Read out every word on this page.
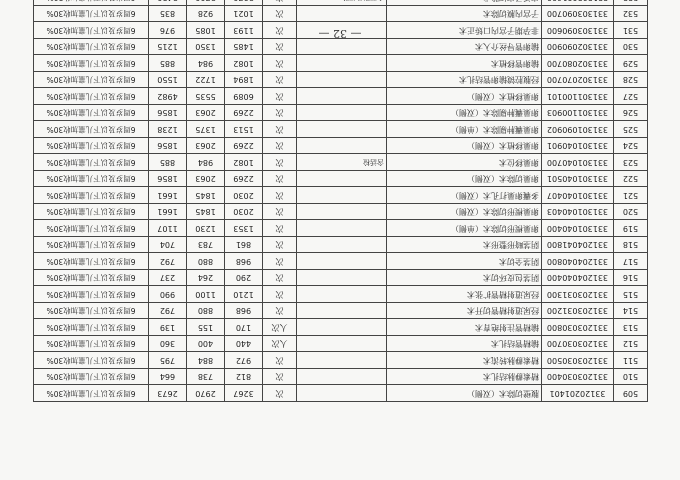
509	331202014​01	腹壁切除术（双侧）		次	3267	2970	2673	6周岁及以下儿童加收30%
510	331203030400	精索静脉结扎术		次	812	738	664	6周岁及以下儿童加收30%
511	331203030500	精索静脉转流术		次	972	884	795	6周岁及以下儿童加收30%
512	331203030700	输精管结扎术		人次	440	400	360	6周岁及以下儿童加收30%
513	331203030800	输精管注射绝育术		人次	170	155	139	6周岁及以下儿童加收30%
514	331203031200	经尿道射精管切开术		次	968	880	792	6周岁及以下儿童加收30%
515	331203031300	经尿道射精管扩张术		次	1210	1100	990	6周岁及以下儿童加收30%
516	331204040400	阴茎包皮环切术		次	290	264	237	6周岁及以下儿童加收30%
517	331204040800	阴茎全切术		次	968	880	792	6周岁及以下儿童加收30%
518	331204041800	阴茎畸形整形术		次	861	783	704	6周岁及以下儿童加收30%
519	331301040400	卵巢楔形切除术（单侧）		次	1353	1230	1107	6周岁及以下儿童加收30%
520	331301040403	卵巢楔形切除术（双侧）		次	2030	1845	1661	6周岁及以下儿童加收30%
521	331301040407	多囊卵巢打孔术（双侧）		次	2030	1845	1661	6周岁及以下儿童加收30%
522	331301040501	卵巢切除术（双侧）		次	2269	2063	1856	6周岁及以下儿童加收30%
523	331301040700	卵巢移位术	含活检	次	1082	984	885	6周岁及以下儿童加收30%
524	331301040901	卵巢移植术（双侧）		次	2269	2063	1856	6周岁及以下儿童加收30%
525	331301090902	卵巢囊肿剔除术（单侧）		次	1513	1375	1238	6周岁及以下儿童加收30%
526	331301100903	卵巢囊肿剔除术（双侧）		次	2269	2063	1856	6周岁及以下儿童加收30%
527	331301100101	卵巢移植术（双侧）		次	6089	5535	4982	6周岁及以下儿童加收30%
528	331302070700	经腹腔镜输卵管结扎术		次	1894	1722	1550	6周岁及以下儿童加收30%
529	331302080700	输卵管移植术		次	1082	984	885	6周岁及以下儿童加收30%
530	331302090900	输卵管导丝介入术		次	1485	1350	1215	6周岁及以下儿童加收30%
531	331303090600	非孕期子宫内口矫正术		次	1193	1085	976	6周岁及以下儿童加收30%
532	331303090700	子宫内膜切除术		次	1021	928	835	6周岁及以下儿童加收30%

— 32 —
